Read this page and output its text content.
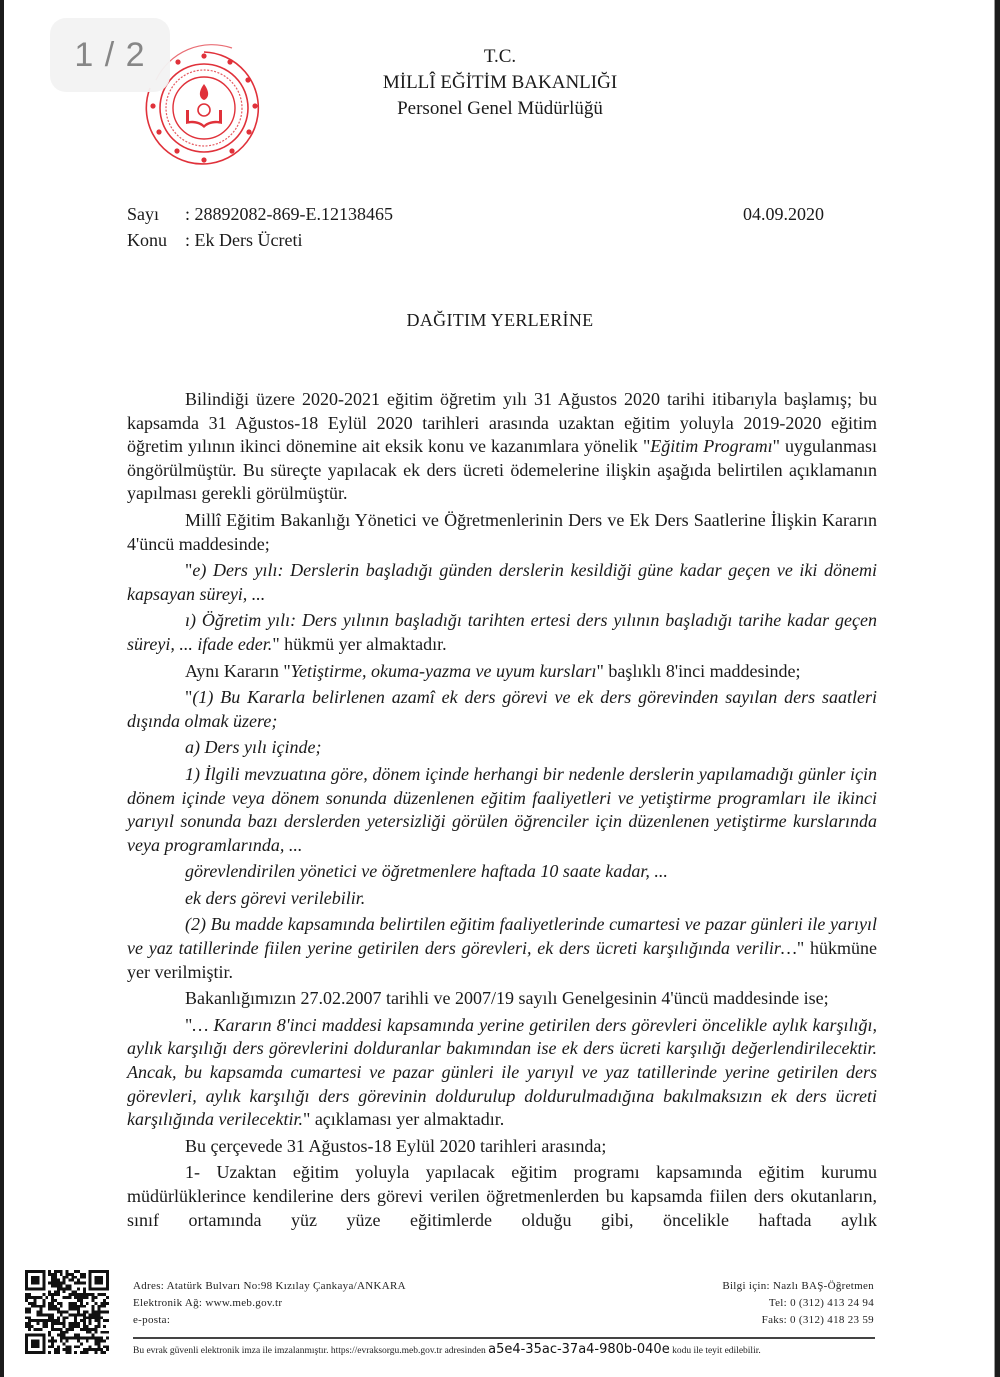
1 / 2	T.C.
MİLLÎ EĞİTİM BAKANLIĞI
Personel Genel Müdürlüğü
Sayı : 28892082-869-E.12138465
Konu : Ek Ders Ücreti
04.09.2020
DAĞITIM YERLERİNE

Bilindiği üzere 2020-2021 eğitim öğretim yılı 31 Ağustos 2020 tarihi itibarıyla başlamış; bu kapsamda 31 Ağustos-18 Eylül 2020 tarihleri arasında uzaktan eğitim yoluyla 2019-2020 eğitim öğretim yılının ikinci dönemine ait eksik konu ve kazanımlara yönelik "Eğitim Programı" uygulanması öngörülmüştür. Bu süreçte yapılacak ek ders ücreti ödemelerine ilişkin aşağıda belirtilen açıklamanın yapılması gerekli görülmüştür.

Millî Eğitim Bakanlığı Yönetici ve Öğretmenlerinin Ders ve Ek Ders Saatlerine İlişkin Kararın 4'üncü maddesinde;

"e) Ders yılı: Derslerin başladığı günden derslerin kesildiği güne kadar geçen ve iki dönemi kapsayan süreyi, ...

ı) Öğretim yılı: Ders yılının başladığı tarihten ertesi ders yılının başladığı tarihe kadar geçen süreyi, ... ifade eder." hükmü yer almaktadır.

Aynı Kararın "Yetiştirme, okuma-yazma ve uyum kursları" başlıklı 8'inci maddesinde;

"(1) Bu Kararla belirlenen azamî ek ders görevi ve ek ders görevinden sayılan ders saatleri dışında olmak üzere;

a) Ders yılı içinde;

1) İlgili mevzuatına göre, dönem içinde herhangi bir nedenle derslerin yapılamadığı günler için dönem içinde veya dönem sonunda düzenlenen eğitim faaliyetleri ve yetiştirme programları ile ikinci yarıyıl sonunda bazı derslerden yetersizliği görülen öğrenciler için düzenlenen yetiştirme kurslarında veya programlarında, ...

görevlendirilen yönetici ve öğretmenlere haftada 10 saate kadar, ...

ek ders görevi verilebilir.

(2) Bu madde kapsamında belirtilen eğitim faaliyetlerinde cumartesi ve pazar günleri ile yarıyıl ve yaz tatillerinde fiilen yerine getirilen ders görevleri, ek ders ücreti karşılığında verilir…" hükmüne yer verilmiştir.

Bakanlığımızın 27.02.2007 tarihli ve 2007/19 sayılı Genelgesinin 4'üncü maddesinde ise;

"… Kararın 8'inci maddesi kapsamında yerine getirilen ders görevleri öncelikle aylık karşılığı, aylık karşılığı ders görevlerini dolduranlar bakımından ise ek ders ücreti karşılığı değerlendirilecektir. Ancak, bu kapsamda cumartesi ve pazar günleri ile yarıyıl ve yaz tatillerinde yerine getirilen ders görevleri, aylık karşılığı ders görevinin doldurulup doldurulmadığına bakılmaksızın ek ders ücreti karşılığında verilecektir." açıklaması yer almaktadır.

Bu çerçevede 31 Ağustos-18 Eylül 2020 tarihleri arasında;

1- Uzaktan eğitim yoluyla yapılacak eğitim programı kapsamında eğitim kurumu müdürlüklerince kendilerine ders görevi verilen öğretmenlerden bu kapsamda fiilen ders okutanların, sınıf ortamında yüz yüze eğitimlerde olduğu gibi, öncelikle haftada aylık

Adres: Atatürk Bulvarı No:98 Kızılay Çankaya/ANKARA
Elektronik Ağ: www.meb.gov.tr
e-posta:
Bilgi için: Nazlı BAŞ-Öğretmen
Tel: 0 (312) 413 24 94
Faks: 0 (312) 418 23 59
Bu evrak güvenli elektronik imza ile imzalanmıştır. https://evraksorgu.meb.gov.tr adresinden a5e4-35ac-37a4-980b-040e kodu ile teyit edilebilir.
